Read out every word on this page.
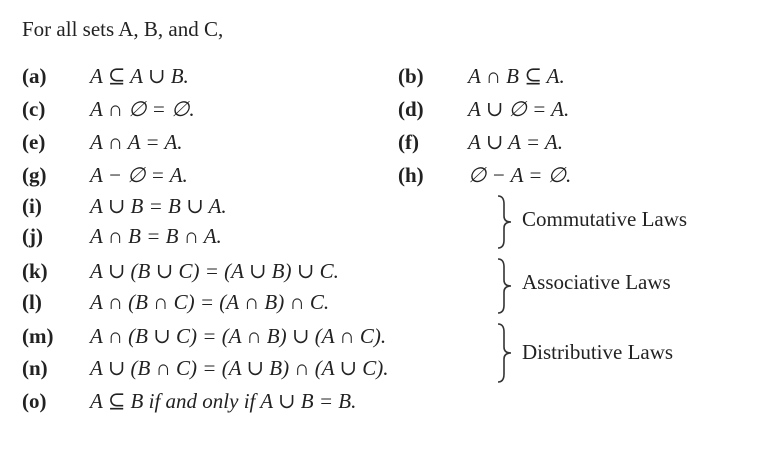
For all sets A, B, and C,
(a) A ⊆ A ∪ B.	(b) A ∩ B ⊆ A.
(c) A ∩ ∅ = ∅.	(d) A ∪ ∅ = A.
(e) A ∩ A = A.	(f) A ∪ A = A.
(g) A − ∅ = A.	(h) ∅ − A = ∅.
(i) A ∪ B = B ∪ A.
(j) A ∩ B = B ∩ A.
(k) A ∪ (B ∪ C) = (A ∪ B) ∪ C.
(l) A ∩ (B ∩ C) = (A ∩ B) ∩ C.
(m) A ∩ (B ∪ C) = (A ∩ B) ∪ (A ∩ C).
(n) A ∪ (B ∩ C) = (A ∪ B) ∩ (A ∪ C).
(o) A ⊆ B if and only if A ∪ B = B.
Commutative Laws
Associative Laws
Distributive Laws
